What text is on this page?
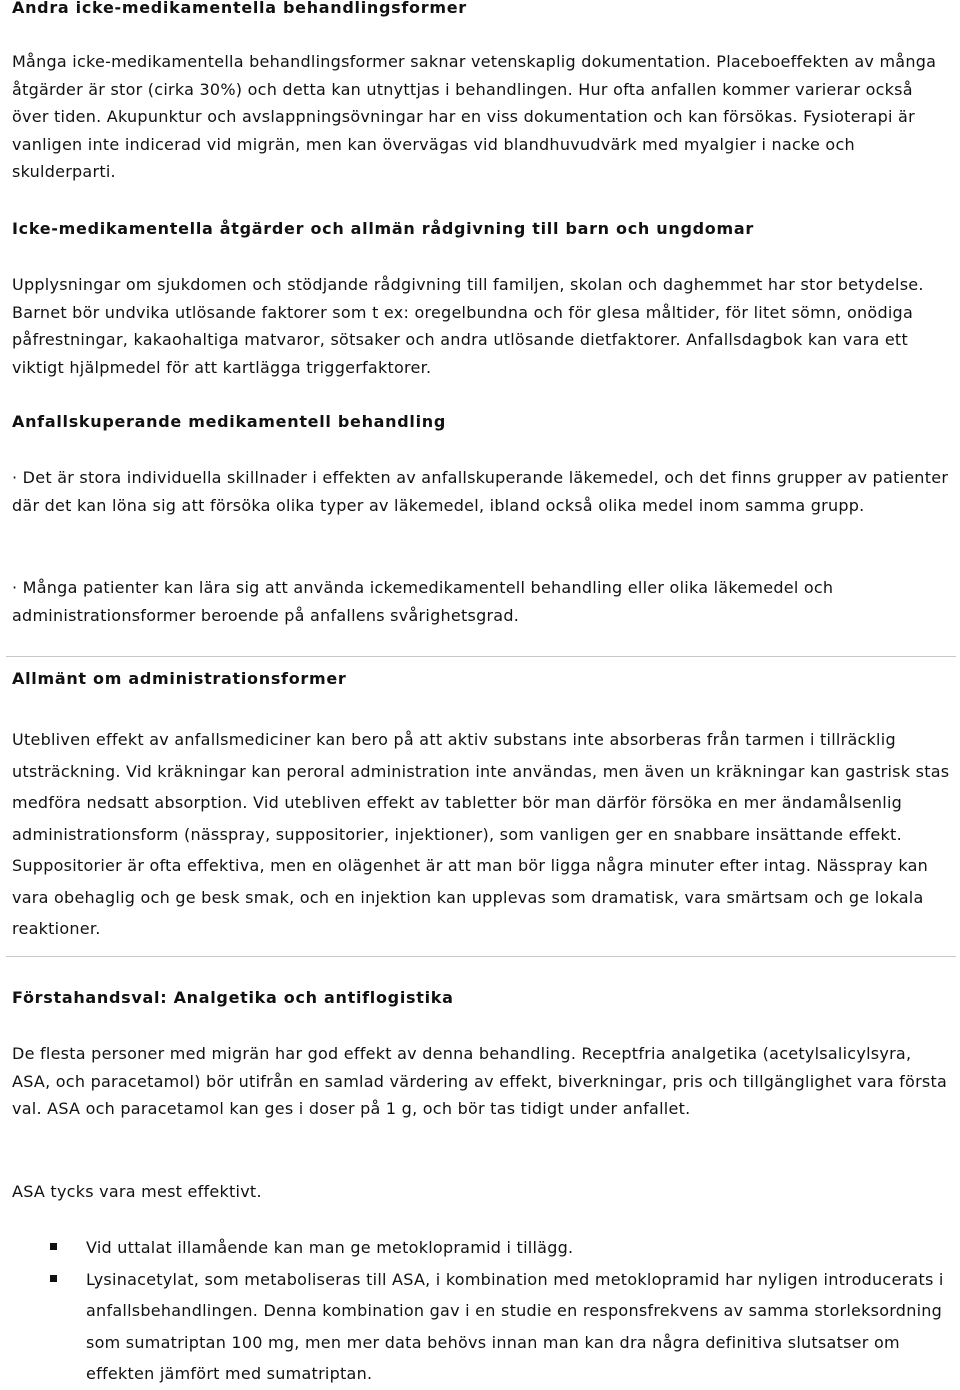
Andra icke-medikamentella behandlingsformer

Många icke-medikamentella behandlingsformer saknar vetenskaplig dokumentation. Placeboeffekten av många åtgärder är stor (cirka 30%) och detta kan utnyttjas i behandlingen. Hur ofta anfallen kommer varierar också över tiden. Akupunktur och avslappningsövningar har en viss dokumentation och kan försökas. Fysioterapi är vanligen inte indicerad vid migrän, men kan övervägas vid blandhuvudvärk med myalgier i nacke och skulderparti.

Icke-medikamentella åtgärder och allmän rådgivning till barn och ungdomar

Upplysningar om sjukdomen och stödjande rådgivning till familjen, skolan och daghemmet har stor betydelse. Barnet bör undvika utlösande faktorer som t ex: oregelbundna och för glesa måltider, för litet sömn, onödiga påfrestningar, kakaohaltiga matvaror, sötsaker och andra utlösande dietfaktorer. Anfallsdagbok kan vara ett viktigt hjälpmedel för att kartlägga triggerfaktorer.

Anfallskuperande medikamentell behandling

· Det är stora individuella skillnader i effekten av anfallskuperande läkemedel, och det finns grupper av patienter där det kan löna sig att försöka olika typer av läkemedel, ibland också olika medel inom samma grupp.

· Många patienter kan lära sig att använda ickemedikamentell behandling eller olika läkemedel och administrationsformer beroende på anfallens svårighetsgrad.

Allmänt om administrationsformer

Utebliven effekt av anfallsmediciner kan bero på att aktiv substans inte absorberas från tarmen i tillräcklig utsträckning. Vid kräkningar kan peroral administration inte användas, men även un kräkningar kan gastrisk stas medföra nedsatt absorption. Vid utebliven effekt av tabletter bör man därför försöka en mer ändamålsenlig administrationsform (nässpray, suppositorier, injektioner), som vanligen ger en snabbare insättande effekt. Suppositorier är ofta effektiva, men en olägenhet är att man bör ligga några minuter efter intag. Nässpray kan vara obehaglig och ge besk smak, och en injektion kan upplevas som dramatisk, vara smärtsam och ge lokala reaktioner.

Förstahandsval: Analgetika och antiflogistika

De flesta personer med migrän har god effekt av denna behandling. Receptfria analgetika (acetylsalicylsyra, ASA, och paracetamol) bör utifrån en samlad värdering av effekt, biverkningar, pris och tillgänglighet vara första val. ASA och paracetamol kan ges i doser på 1 g, och bör tas tidigt under anfallet.

ASA tycks vara mest effektivt.

Vid uttalat illamående kan man ge metoklopramid i tillägg.
Lysinacetylat, som metaboliseras till ASA, i kombination med metoklopramid har nyligen introducerats i anfallsbehandlingen. Denna kombination gav i en studie en responsfrekvens av samma storleksordning som sumatriptan 100 mg, men mer data behövs innan man kan dra några definitiva slutsatser om effekten jämfört med sumatriptan.
